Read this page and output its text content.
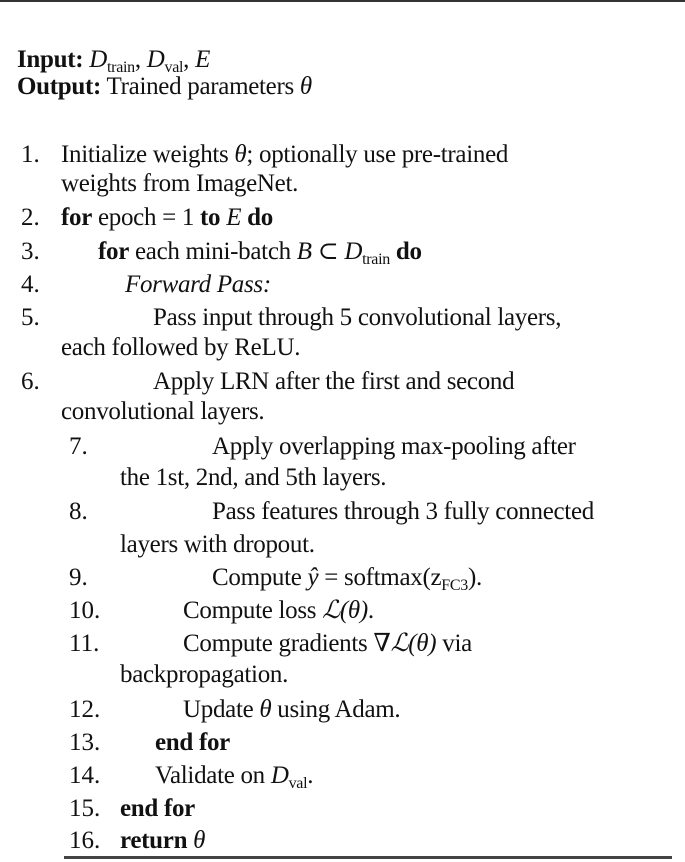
Input: $D_{train}$, $D_{val}$, E
Output: Trained parameters θ
1. Initialize weights θ; optionally use pre-trained
weights from ImageNet.
2. for epoch = 1 to E do
3. for each mini-batch B ⊂ $D_{train}$ do
4.	Forward Pass:
5.	Pass input through 5 convolutional layers,
each followed by ReLU.
6.	Apply LRN after the first and second
convolutional layers.
7.	Apply overlapping max-pooling after
the 1st, 2nd, and 5th layers.
8.	Pass features through 3 fully connected
layers with dropout.
9.	Compute ŷ = $softmax(z_{FC3})$.
10.	Compute loss ℒ(θ).
11.	Compute gradients ∇ℒ(θ) via
backpropagation.
12.	Update θ using Adam.
13. end for
14. Validate on $D_{val}$.
15. end for
16. return θ
